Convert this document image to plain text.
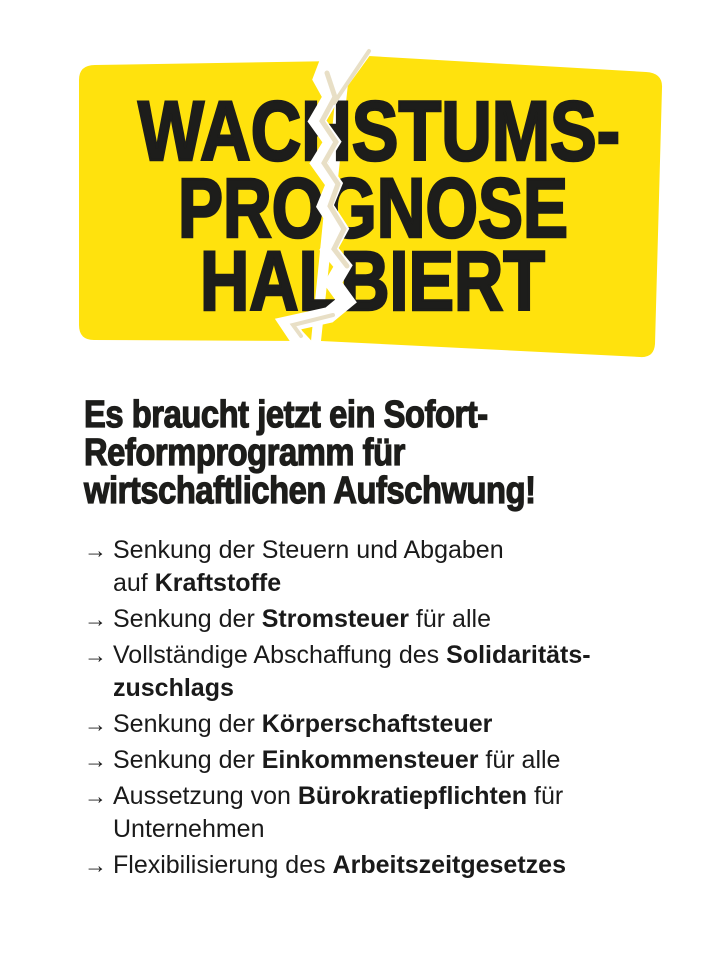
WACHSTUMS-
PROGNOSE
HALBIERT
Es braucht jetzt ein Sofort-
Reformprogramm für
wirtschaftlichen Aufschwung!
→ Senkung der Steuern und Abgaben
auf Kraftstoffe
→ Senkung der Stromsteuer für alle
→ Vollständige Abschaffung des Solidaritäts-
zuschlags
→ Senkung der Körperschaftsteuer
→ Senkung der Einkommensteuer für alle
→ Aussetzung von Bürokratiepflichten für
Unternehmen
→ Flexibilisierung des Arbeitszeitgesetzes
